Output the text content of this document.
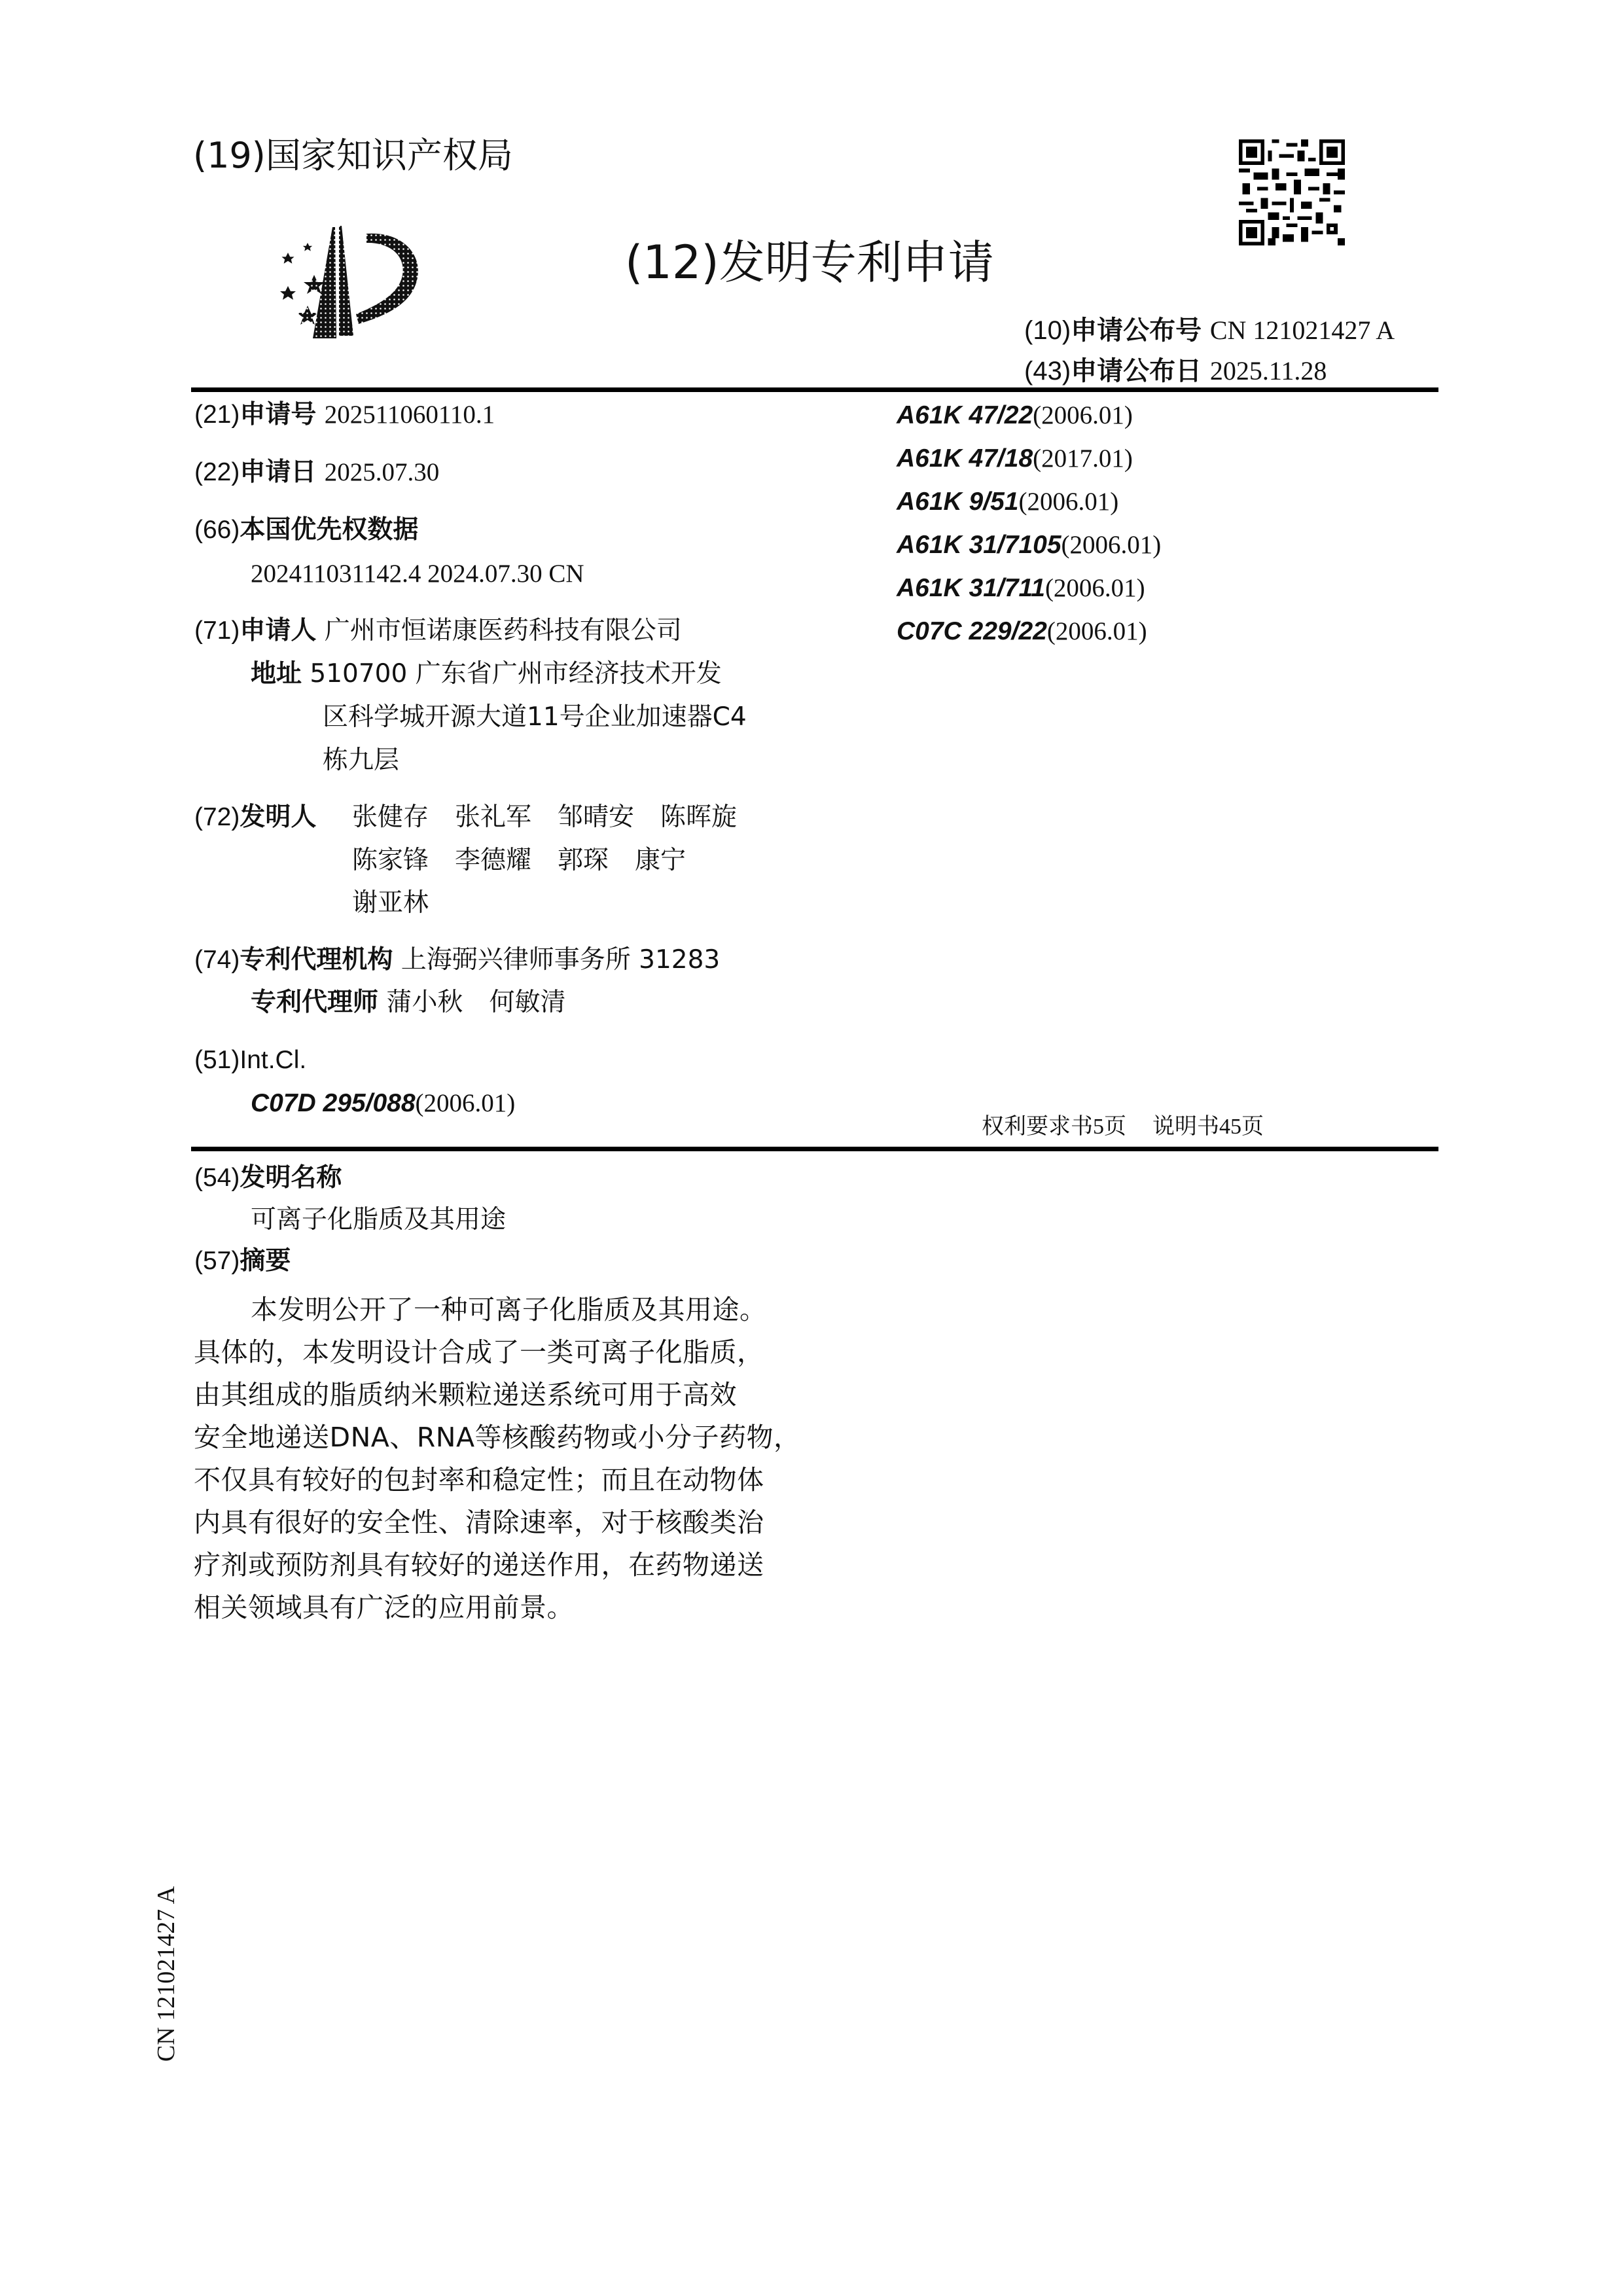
(19)国家知识产权局
(12)发明专利申请
(10)申请公布号 CN 121021427 A
(43)申请公布日 2025.11.28
(21)申请号 202511060110.1
(22)申请日 2025.07.30
(66)本国优先权数据
202411031142.4 2024.07.30 CN
(71)申请人 广州市恒诺康医药科技有限公司
地址 510700 广东省广州市经济技术开发
区科学城开源大道11号企业加速器C4
栋九层
(72)发明人 张健存 张礼军 邹晴安 陈晖旋
陈家锋 李德耀 郭琛 康宁
谢亚林
(74)专利代理机构 上海弼兴律师事务所 31283
专利代理师 蒲小秋 何敏清
(51)Int.Cl.
C07D 295/088(2006.01)
A61K 47/22(2006.01)
A61K 47/18(2017.01)
A61K 9/51(2006.01)
A61K 31/7105(2006.01)
A61K 31/711(2006.01)
C07C 229/22(2006.01)
权利要求书5页 说明书45页
(54)发明名称
可离子化脂质及其用途
(57)摘要
本发明公开了一种可离子化脂质及其用途。
具体的，本发明设计合成了一类可离子化脂质，
由其组成的脂质纳米颗粒递送系统可用于高效
安全地递送DNA、RNA等核酸药物或小分子药物，
不仅具有较好的包封率和稳定性；而且在动物体
内具有很好的安全性、清除速率，对于核酸类治
疗剂或预防剂具有较好的递送作用，在药物递送
相关领域具有广泛的应用前景。
CN 121021427 A
